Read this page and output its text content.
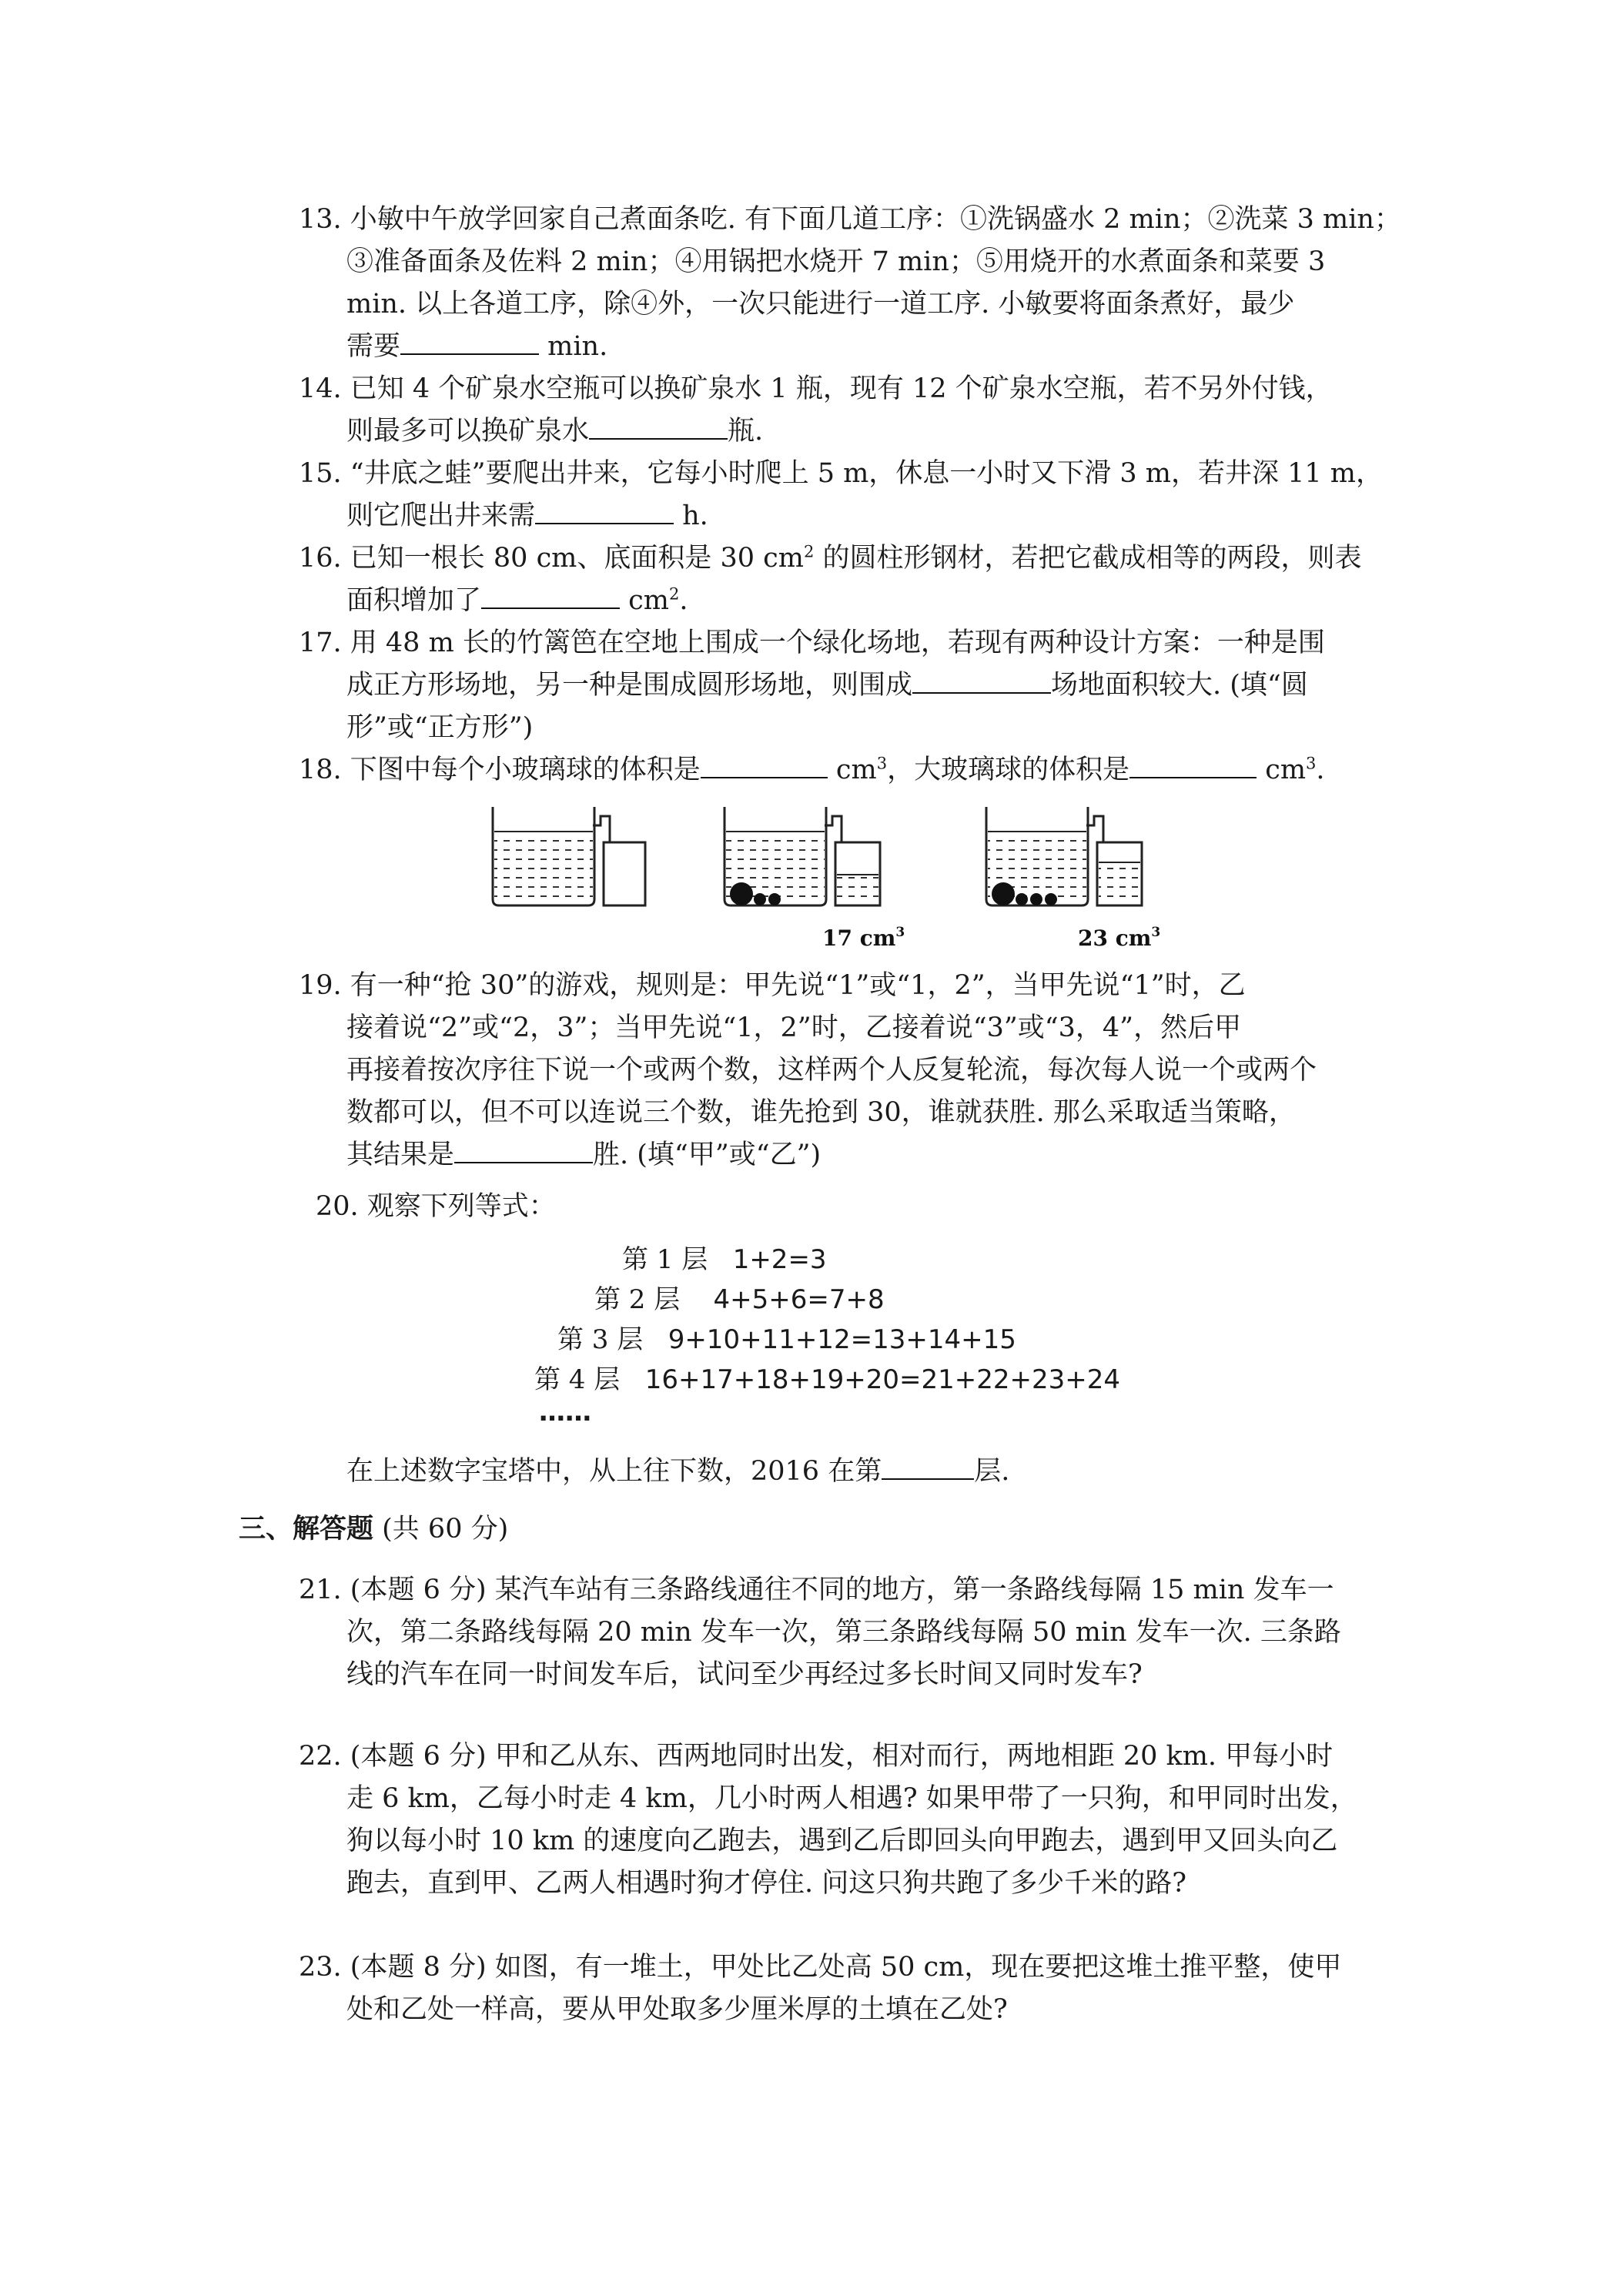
13. 小敏中午放学回家自己煮面条吃. 有下面几道工序：①洗锅盛水 2 min；②洗菜 3 min；
③准备面条及佐料 2 min；④用锅把水烧开 7 min；⑤用烧开的水煮面条和菜要 3
min. 以上各道工序，除④外，一次只能进行一道工序. 小敏要将面条煮好，最少
需要	min.
14. 已知 4 个矿泉水空瓶可以换矿泉水 1 瓶，现有 12 个矿泉水空瓶，若不另外付钱，
则最多可以换矿泉水	瓶.
15. “井底之蛙”要爬出井来，它每小时爬上 5 m，休息一小时又下滑 3 m，若井深 11 m，
则它爬出井来需	h.
16. 已知一根长 80 cm、底面积是 30 $cm^2$ 的圆柱形钢材，若把它截成相等的两段，则表
面积增加了	$cm^2$.
17. 用 48 m 长的竹篱笆在空地上围成一个绿化场地，若现有两种设计方案：一种是围
成正方形场地，另一种是围成圆形场地，则围成	场地面积较大. (填“圆
形”或“正方形”)
18. 下图中每个小玻璃球的体积是	$cm^3$，大玻璃球的体积是	$cm^3$.
17 $cm^3$	23 $cm^3$
19. 有一种“抢 30”的游戏，规则是：甲先说“1”或“1，2”，当甲先说“1”时，乙
接着说“2”或“2，3”；当甲先说“1，2”时，乙接着说“3”或“3，4”，然后甲
再接着按次序往下说一个或两个数，这样两个人反复轮流，每次每人说一个或两个
数都可以，但不可以连说三个数，谁先抢到 30，谁就获胜. 那么采取适当策略，
其结果是	胜. (填“甲”或“乙”)
20. 观察下列等式：
第 1 层 1+2=3
第 2 层 4+5+6=7+8
第 3 层 9+10+11+12=13+14+15
第 4 层 16+17+18+19+20=21+22+23+24
……
在上述数字宝塔中，从上往下数，2016 在第	层.
三、解答题 (共 60 分)
21. (本题 6 分) 某汽车站有三条路线通往不同的地方，第一条路线每隔 15 min 发车一
次，第二条路线每隔 20 min 发车一次，第三条路线每隔 50 min 发车一次. 三条路
线的汽车在同一时间发车后，试问至少再经过多长时间又同时发车?
22. (本题 6 分) 甲和乙从东、西两地同时出发，相对而行，两地相距 20 km. 甲每小时
走 6 km，乙每小时走 4 km，几小时两人相遇? 如果甲带了一只狗，和甲同时出发，
狗以每小时 10 km 的速度向乙跑去，遇到乙后即回头向甲跑去，遇到甲又回头向乙
跑去，直到甲、乙两人相遇时狗才停住. 问这只狗共跑了多少千米的路?
23. (本题 8 分) 如图，有一堆土，甲处比乙处高 50 cm，现在要把这堆土推平整，使甲
处和乙处一样高，要从甲处取多少厘米厚的土填在乙处?
